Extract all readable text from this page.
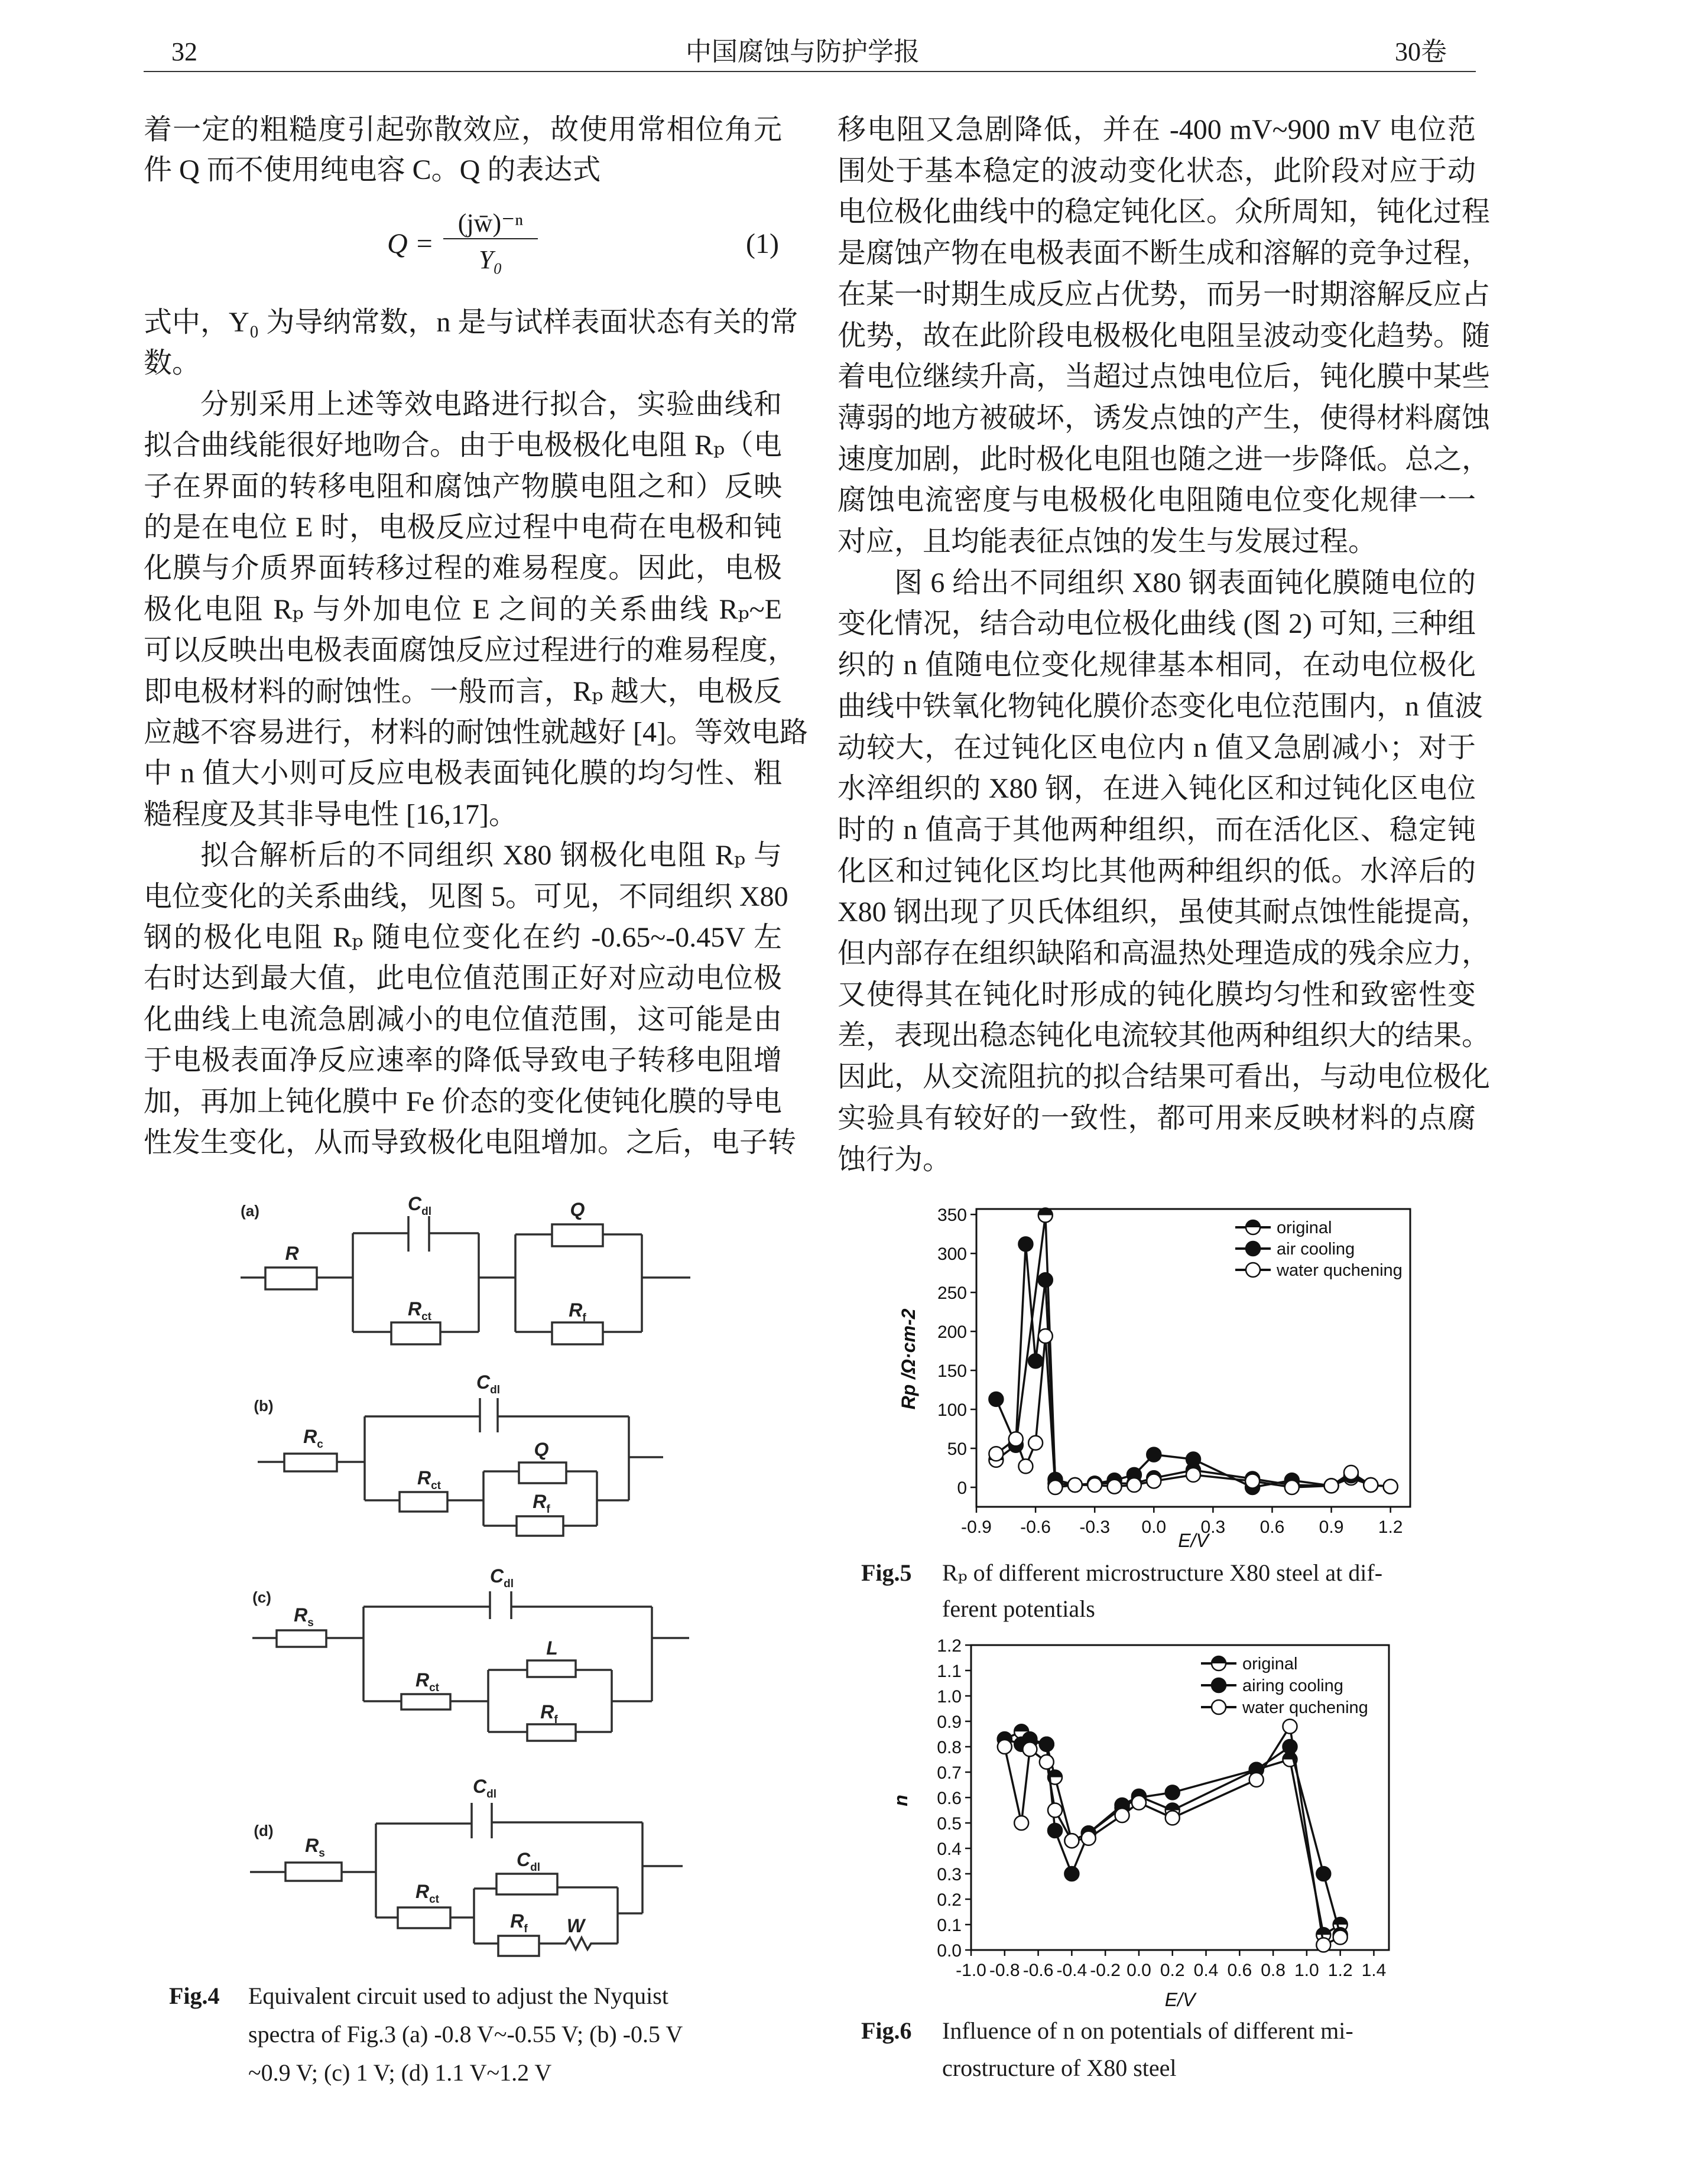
32	中国腐蚀与防护学报	30卷
着一定的粗糙度引起弥散效应，故使用常相位角元
件 Q 而不使用纯电容 C。Q 的表达式
式中，Y₀ 为导纳常数，n 是与试样表面状态有关的常
数。
分别采用上述等效电路进行拟合，实验曲线和
拟合曲线能很好地吻合。由于电极极化电阻 Rₚ（电
子在界面的转移电阻和腐蚀产物膜电阻之和）反映
的是在电位 E 时，电极反应过程中电荷在电极和钝
化膜与介质界面转移过程的难易程度。因此，电极
极化电阻 Rₚ 与外加电位 E 之间的关系曲线 Rₚ~E
可以反映出电极表面腐蚀反应过程进行的难易程度，
即电极材料的耐蚀性。一般而言，Rₚ 越大，电极反
应越不容易进行，材料的耐蚀性就越好 [4]。等效电路
中 n 值大小则可反应电极表面钝化膜的均匀性、粗
糙程度及其非导电性 [16,17]。
拟合解析后的不同组织 X80 钢极化电阻 Rₚ 与
电位变化的关系曲线，见图 5。可见，不同组织 X80
钢的极化电阻 Rₚ 随电位变化在约 -0.65~-0.45V 左
右时达到最大值，此电位值范围正好对应动电位极
化曲线上电流急剧减小的电位值范围，这可能是由
于电极表面净反应速率的降低导致电子转移电阻增
加，再加上钝化膜中 Fe 价态的变化使钝化膜的导电
性发生变化，从而导致极化电阻增加。之后，电子转
移电阻又急剧降低，并在 -400 mV~900 mV 电位范
围处于基本稳定的波动变化状态，此阶段对应于动
电位极化曲线中的稳定钝化区。众所周知，钝化过程
是腐蚀产物在电极表面不断生成和溶解的竞争过程，
在某一时期生成反应占优势，而另一时期溶解反应占
优势，故在此阶段电极极化电阻呈波动变化趋势。随
着电位继续升高，当超过点蚀电位后，钝化膜中某些
薄弱的地方被破坏，诱发点蚀的产生，使得材料腐蚀
速度加剧，此时极化电阻也随之进一步降低。总之，
腐蚀电流密度与电极极化电阻随电位变化规律一一
对应，且均能表征点蚀的发生与发展过程。
图 6 给出不同组织 X80 钢表面钝化膜随电位的
变化情况，结合动电位极化曲线 (图 2) 可知, 三种组
织的 n 值随电位变化规律基本相同，在动电位极化
曲线中铁氧化物钝化膜价态变化电位范围内，n 值波
动较大，在过钝化区电位内 n 值又急剧减小；对于
水淬组织的 X80 钢，在进入钝化区和过钝化区电位
时的 n 值高于其他两种组织，而在活化区、稳定钝
化区和过钝化区均比其他两种组织的低。水淬后的
X80 钢出现了贝氏体组织，虽使其耐点蚀性能提高，
但内部存在组织缺陷和高温热处理造成的残余应力，
又使得其在钝化时形成的钝化膜均匀性和致密性变
差，表现出稳态钝化电流较其他两种组织大的结果。
因此，从交流阻抗的拟合结果可看出，与动电位极化
实验具有较好的一致性，都可用来反映材料的点腐
蚀行为。
Q =
(jw̄)⁻ⁿ
Y₀
(1)
(a)	$C_{dl}$	Q
R
$R_{ct}$	$R_f$
(b)
$C_{dl}$
$R_c$	Q
$R_{ct}$
$R_f$
(c)
$C_{dl}$
$R_s$
L
$R_{ct}$
$R_f$
(d)
$C_{dl}$
$R_s$	$C_{dl}$
$R_{ct}$
$R_f$ W
Fig.4 Equivalent circuit used to adjust the Nyquist
spectra of Fig.3 (a) -0.8 V~-0.55 V; (b) -0.5 V
~0.9 V; (c) 1 V; (d) 1.1 V~1.2 V
0
50
100
150
200
250
300
350
-0.9 -0.6 -0.3 0.0 0.3 0.6 0.9 1.2
E/V
Rp /Ω·cm-2
original
air cooling
water quchening
0.0
0.1
0.2
0.3
0.4
0.5
0.6
0.7
0.8
0.9
1.0
1.1
1.2
-1.0 -0.8 -0.6 -0.4 -0.2 0.0 0.2 0.4 0.6 0.8 1.0 1.2 1.4
E/V
n
original
airing cooling
water quchening
Fig.5 Rₚ of different microstructure X80 steel at dif-
ferent potentials
Fig.6 Influence of n on potentials of different mi-
crostructure of X80 steel
